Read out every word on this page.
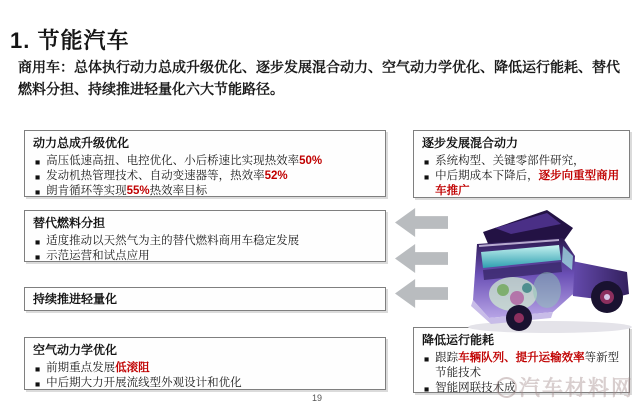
1. 节能汽车
商用车：总体执行动力总成升级优化、逐步发展混合动力、空气动力学优化、降低运行能耗、替代燃料分担、持续推进轻量化六大节能路径。
动力总成升级优化
■ 高压低速高扭、电控优化、小后桥速比实现热效率50%
■ 发动机热管理技术、自动变速器等，热效率52%
■ 朗肯循环等实现55%热效率目标
替代燃料分担
■ 适度推动以天然气为主的替代燃料商用车稳定发展
■ 示范运营和试点应用
持续推进轻量化
空气动力学优化
■ 前期重点发展低滚阻
■ 中后期大力开展流线型外观设计和优化
逐步发展混合动力
■ 系统构型、关键零部件研究，
■ 中后期成本下降后，逐步向重型商用车推广
降低运行能耗
■ 跟踪车辆队列、提升运输效率等新型节能技术
■ 智能网联技术成 汽车材料网
19
